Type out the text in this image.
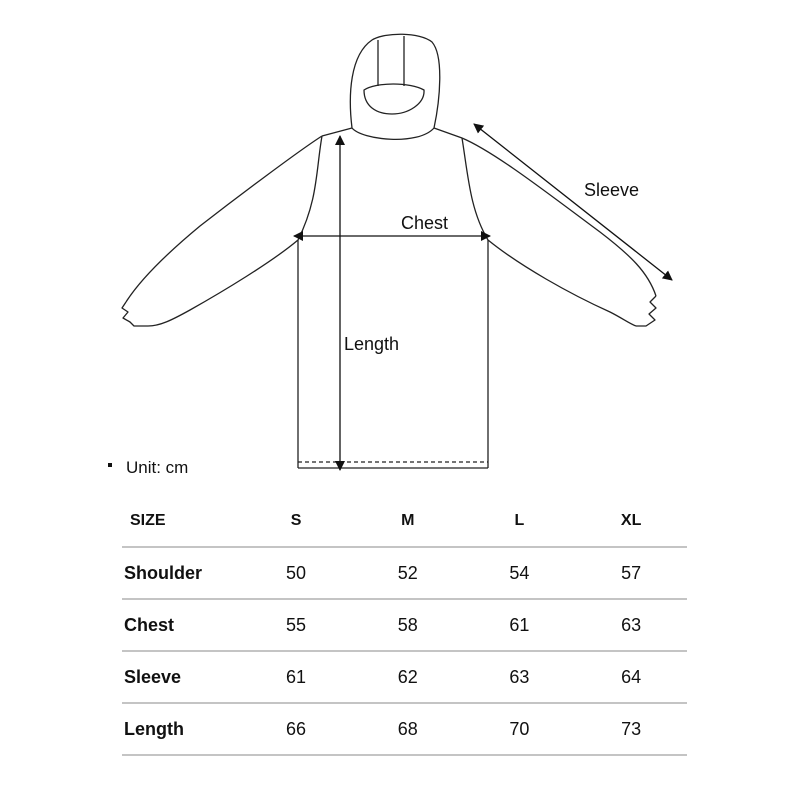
Sleeve
Chest
Length
Unit: cm
SIZE	S	M	L	XL
Shoulder	50	52	54	57
Chest	55	58	61	63
Sleeve	61	62	63	64
Length	66	68	70	73
